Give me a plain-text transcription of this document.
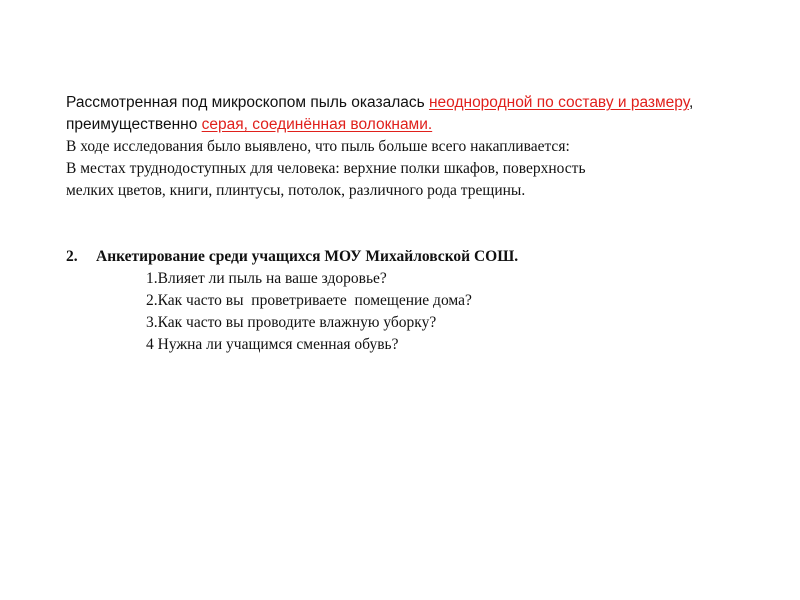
Рассмотренная под микроскопом пыль оказалась неоднородной по составу и размеру, преимущественно серая, соединённая волокнами.
В ходе исследования было выявлено, что пыль больше всего накапливается:
В местах труднодоступных для человека: верхние полки шкафов, поверхность
мелких цветов, книги, плинтусы, потолок, различного рода трещины.
2. Анкетирование среди учащихся МОУ Михайловской СОШ.
1.Влияет ли пыль на ваше здоровье?
2.Как часто вы  проветриваете  помещение дома?
3.Как часто вы проводите влажную уборку?
4 Нужна ли учащимся сменная обувь?
